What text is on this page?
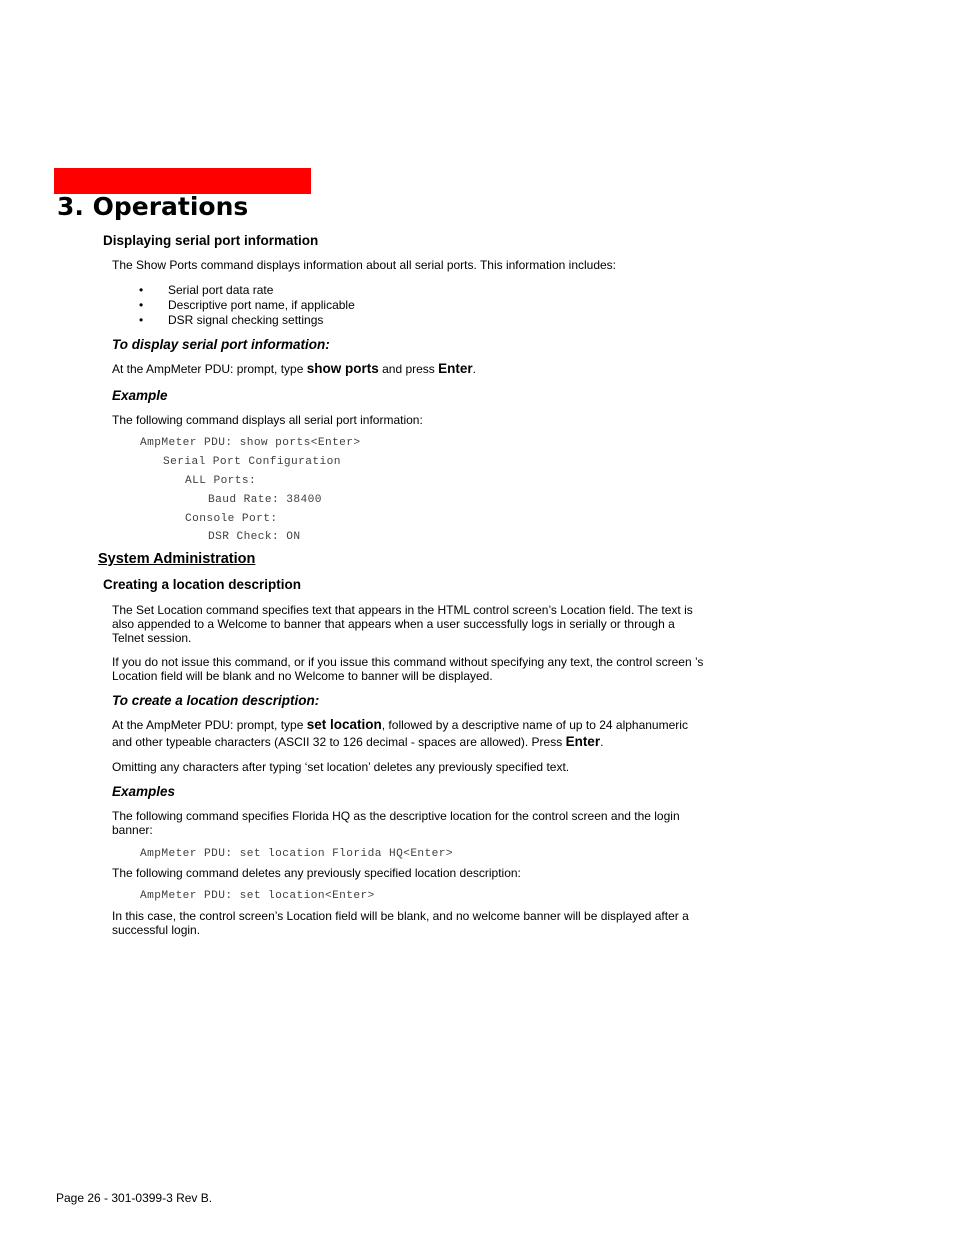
3. Operations
Displaying serial port information
The Show Ports command displays information about all serial ports. This information includes:
• Serial port data rate
• Descriptive port name, if applicable
• DSR signal checking settings
To display serial port information:
At the AmpMeter PDU: prompt, type show ports and press Enter.
Example
The following command displays all serial port information:
AmpMeter PDU: show ports<Enter>
Serial Port Configuration
ALL Ports:
Baud Rate: 38400
Console Port:
DSR Check: ON
System Administration
Creating a location description
The Set Location command specifies text that appears in the HTML control screen’s Location field. The text is
also appended to a Welcome to banner that appears when a user successfully logs in serially or through a
Telnet session.
If you do not issue this command, or if you issue this command without specifying any text, the control screen ’s
Location field will be blank and no Welcome to banner will be displayed.
To create a location description:
At the AmpMeter PDU: prompt, type set location, followed by a descriptive name of up to 24 alphanumeric
and other typeable characters (ASCII 32 to 126 decimal - spaces are allowed). Press Enter.
Omitting any characters after typing ‘set location’ deletes any previously specified text.
Examples
The following command specifies Florida HQ as the descriptive location for the control screen and the login
banner:
AmpMeter PDU: set location Florida HQ<Enter>
The following command deletes any previously specified location description:
AmpMeter PDU: set location<Enter>
In this case, the control screen’s Location field will be blank, and no welcome banner will be displayed after a
successful login.
Page 26 - 301-0399-3 Rev B.
